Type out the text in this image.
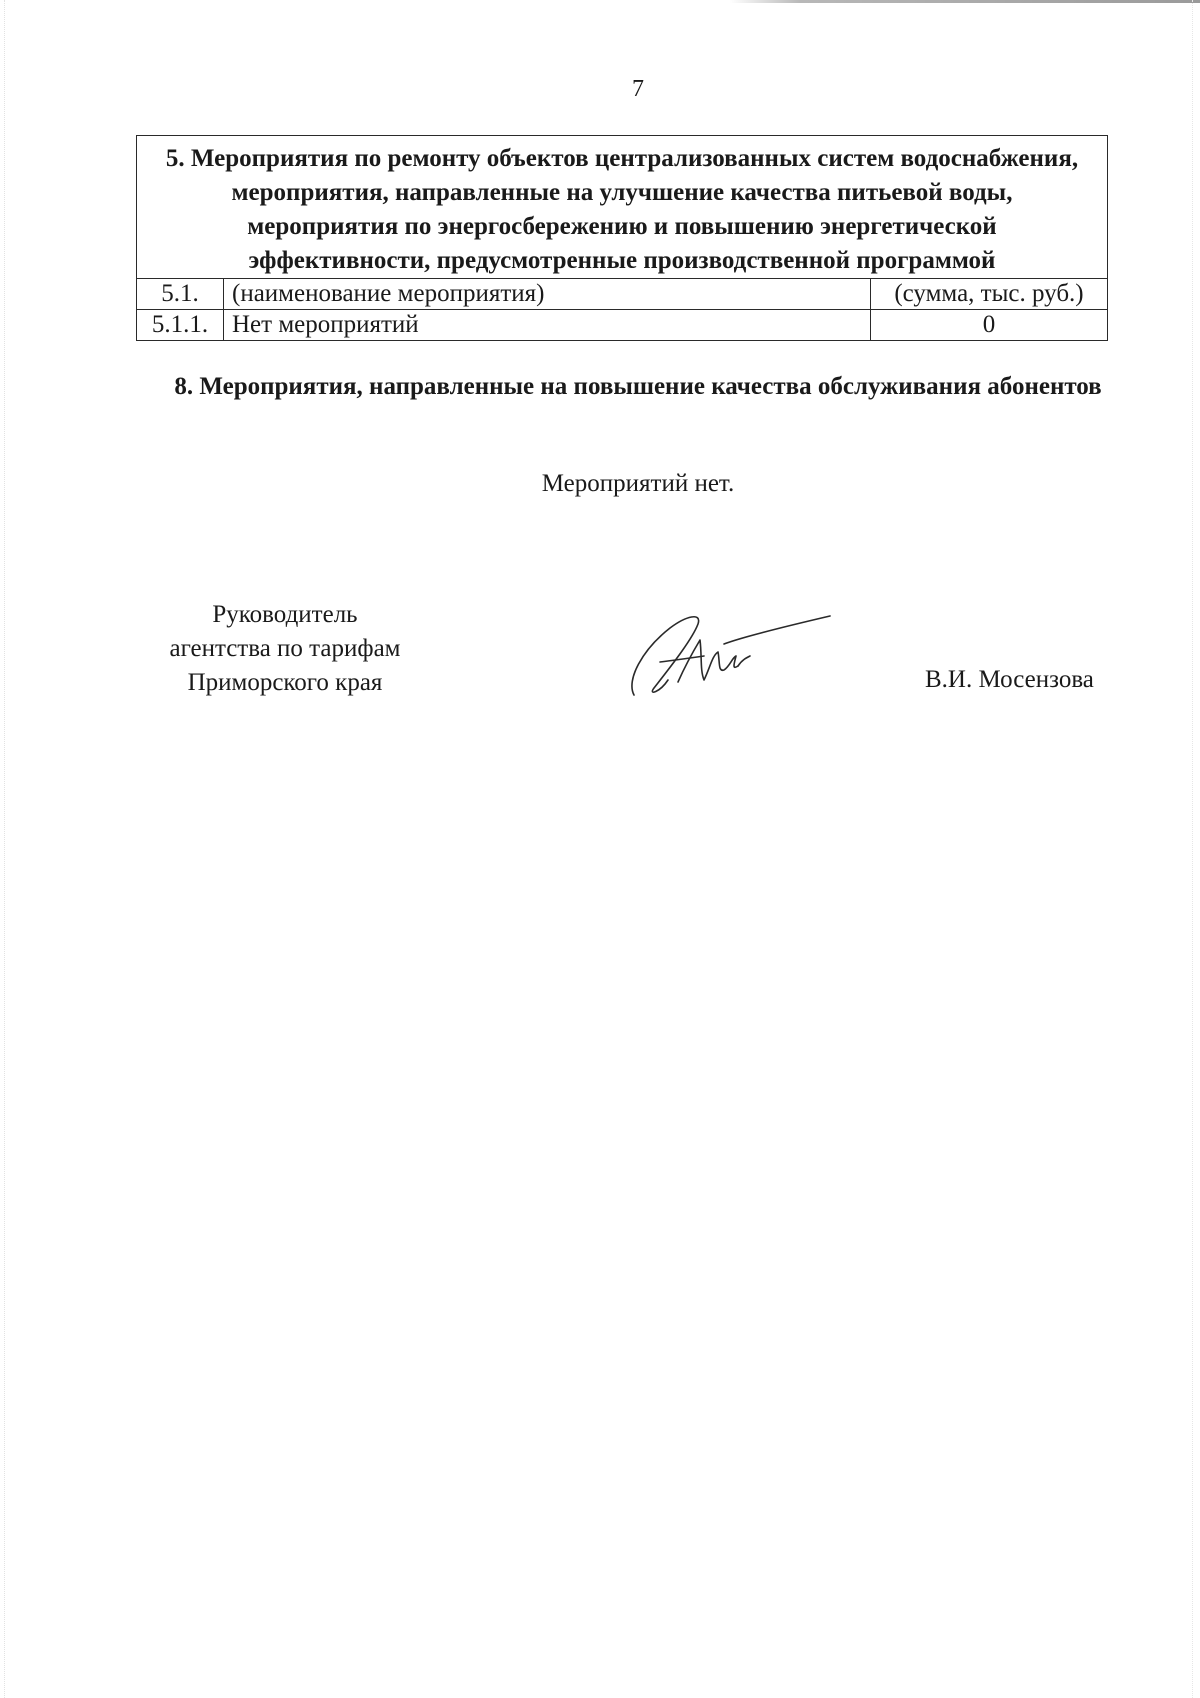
7
5. Мероприятия по ремонту объектов централизованных систем водоснабжения, мероприятия, направленные на улучшение качества питьевой воды, мероприятия по энергосбережению и повышению энергетической эффективности, предусмотренные производственной программой		
5.1.	(наименование мероприятия)	(сумма, тыс. руб.)
5.1.1.	Нет мероприятий	0
8. Мероприятия, направленные на повышение качества обслуживания абонентов
Мероприятий нет.
Руководитель
агентства по тарифам
Приморского края	В.И. Мосензова
